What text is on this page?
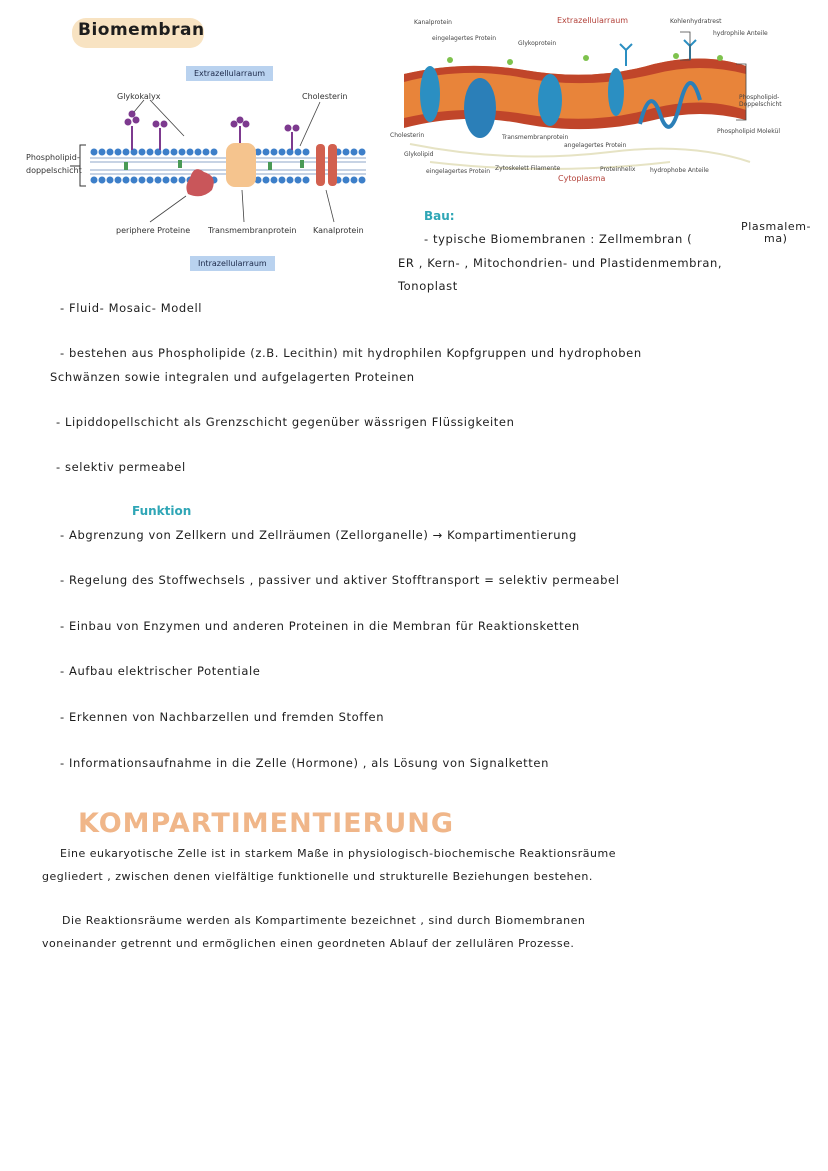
Biomembran
Extrazellularraum
Intrazellularraum
Glykokalyx	Cholesterin
Phospholipid-
doppelschicht
periphere Proteine Transmembranprotein Kanalprotein
Kanalprotein
eingelagertes Protein
Glykoprotein
Extrazellularraum	Kohlenhydratrest
hydrophile Anteile
Phospholipid-Doppelschicht
Phospholipid Molekül
Cholesterin
Glykolipid
Transmembranprotein
angelagertes Protein
eingelagertes Protein Zytoskelett Filamente
Cytoplasma
Proteinhelix hydrophobe Anteile
Bau:
- typische Biomembranen : Zellmembran (
Plasmalem-
ma)
ER , Kern- , Mitochondrien- und Plastidenmembran,
Tonoplast
- Fluid- Mosaic- Modell
- bestehen aus Phospholipide (z.B. Lecithin) mit hydrophilen Kopfgruppen und hydrophoben
Schwänzen sowie integralen und aufgelagerten Proteinen
- Lipiddopellschicht als Grenzschicht gegenüber wässrigen Flüssigkeiten
- selektiv permeabel
Funktion
- Abgrenzung von Zellkern und Zellräumen (Zellorganelle) → Kompartimentierung
- Regelung des Stoffwechsels , passiver und aktiver Stofftransport = selektiv permeabel
- Einbau von Enzymen und anderen Proteinen in die Membran für Reaktionsketten
- Aufbau elektrischer Potentiale
- Erkennen von Nachbarzellen und fremden Stoffen
- Informationsaufnahme in die Zelle (Hormone) , als Lösung von Signalketten
KOMPARTIMENTIERUNG
Eine eukaryotische Zelle ist in starkem Maße in physiologisch-biochemische Reaktionsräume
gegliedert , zwischen denen vielfältige funktionelle und strukturelle Beziehungen bestehen.
Die Reaktionsräume werden als Kompartimente bezeichnet , sind durch Biomembranen
voneinander getrennt und ermöglichen einen geordneten Ablauf der zellulären Prozesse.
